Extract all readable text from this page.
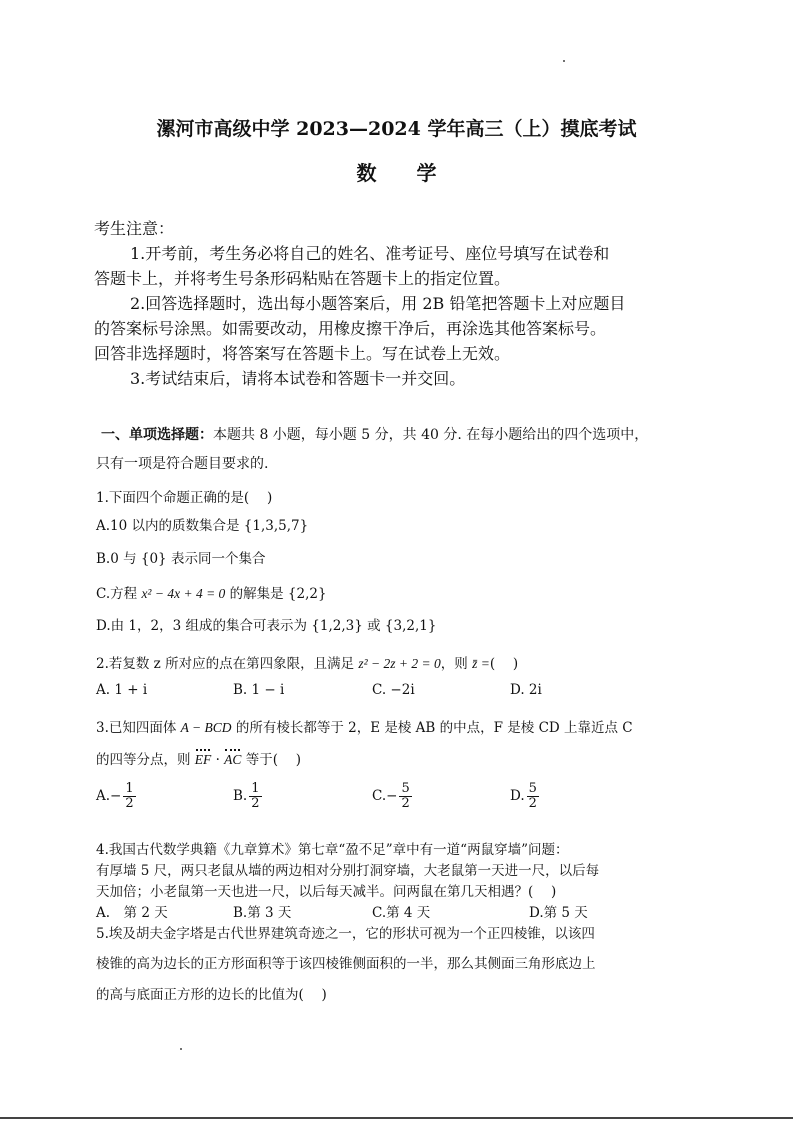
漯河市高级中学 2023—2024 学年高三（上）摸底考试
数学
考生注意：
1.开考前，考生务必将自己的姓名、准考证号、座位号填写在试卷和
答题卡上，并将考生号条形码粘贴在答题卡上的指定位置。
2.回答选择题时，选出每小题答案后，用 2B 铅笔把答题卡上对应题目
的答案标号涂黑。如需要改动，用橡皮擦干净后，再涂选其他答案标号。
回答非选择题时，将答案写在答题卡上。写在试卷上无效。
3.考试结束后，请将本试卷和答题卡一并交回。
一、单项选择题：本题共 8 小题，每小题 5 分，共 40 分. 在每小题给出的四个选项中，
只有一项是符合题目要求的.
1.下面四个命题正确的是(　 )
A.10 以内的质数集合是 {1,3,5,7}
B.0 与 {0} 表示同一个集合
C.方程 x² − 4x + 4 = 0 的解集是 {2,2}
D.由 1，2，3 组成的集合可表示为 {1,2,3} 或 {3,2,1}
2.若复数 z 所对应的点在第四象限，且满足 z² − 2z + 2 = 0，则 z̄ =(　 )
A. 1 + i	B. 1 − i	C. −2i	D. 2i
3.已知四面体 A − BCD 的所有棱长都等于 2，E 是棱 AB 的中点，F 是棱 CD 上靠近点 C
的四等分点，则 EF · AC 等于(　 )
$A.- \frac{1}{2}$	B. $\frac{1}{2}$	$C.- \frac{5}{2}$	D. $\frac{5}{2}$
4.我国古代数学典籍《九章算术》第七章“盈不足”章中有一道“两鼠穿墙”问题：
有厚墙 5 尺，两只老鼠从墙的两边相对分别打洞穿墙，大老鼠第一天进一尺，以后每
天加倍；小老鼠第一天也进一尺，以后每天减半。问两鼠在第几天相遇？(　 )
A.　第 2 天	B.第 3 天	C.第 4 天	D.第 5 天
5.埃及胡夫金字塔是古代世界建筑奇迹之一，它的形状可视为一个正四棱锥，以该四
棱锥的高为边长的正方形面积等于该四棱锥侧面积的一半，那么其侧面三角形底边上
的高与底面正方形的边长的比值为(　 )
